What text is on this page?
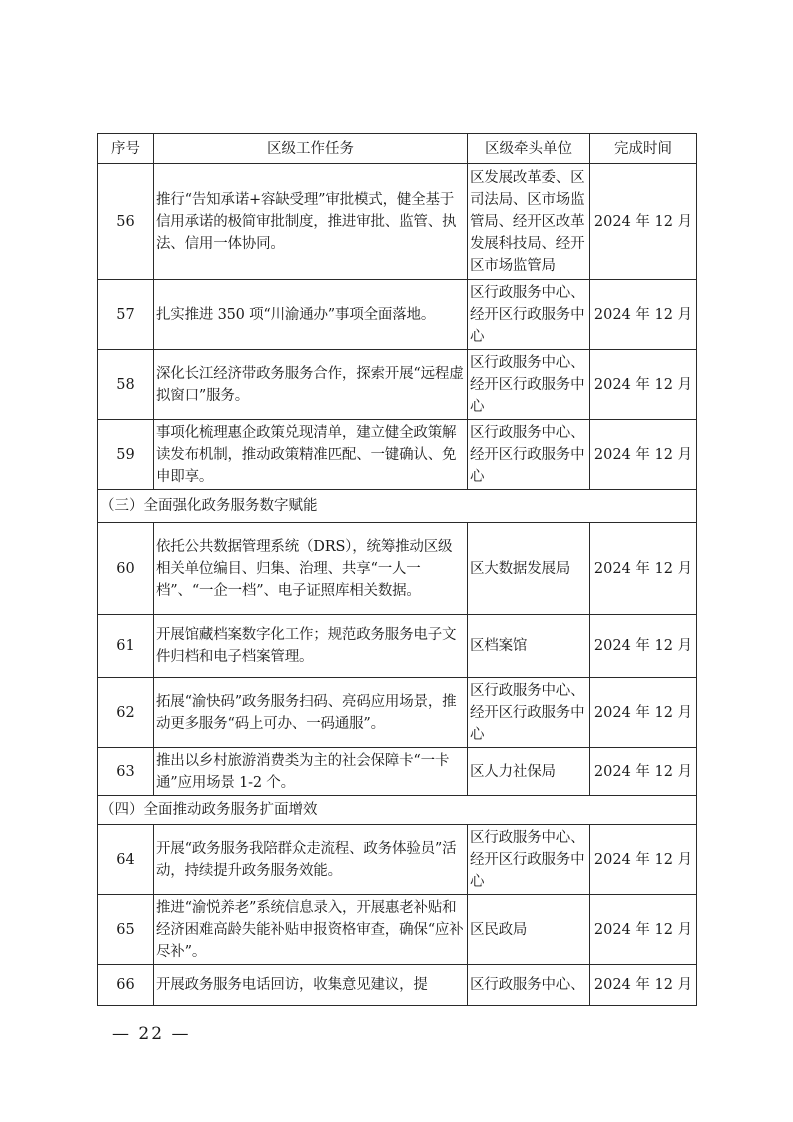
序号	区级工作任务	区级牵头单位	完成时间
56	推行“告知承诺+容缺受理”审批模式，健全基于信用承诺的极简审批制度，推进审批、监管、执法、信用一体协同。	区发展改革委、区司法局、区市场监管局、经开区改革发展科技局、经开区市场监管局	2024 年 12 月
57	扎实推进 350 项“川渝通办”事项全面落地。	区行政服务中心、经开区行政服务中心	2024 年 12 月
58	深化长江经济带政务服务合作，探索开展“远程虚拟窗口”服务。	区行政服务中心、经开区行政服务中心	2024 年 12 月
59	事项化梳理惠企政策兑现清单，建立健全政策解读发布机制，推动政策精准匹配、一键确认、免申即享。	区行政服务中心、经开区行政服务中心	2024 年 12 月
（三）全面强化政务服务数字赋能			
60	依托公共数据管理系统（DRS），统筹推动区级相关单位编目、归集、治理、共享“一人一档”、“一企一档”、电子证照库相关数据。	区大数据发展局	2024 年 12 月
61	开展馆藏档案数字化工作；规范政务服务电子文件归档和电子档案管理。	区档案馆	2024 年 12 月
62	拓展“渝快码”政务服务扫码、亮码应用场景，推动更多服务“码上可办、一码通服”。	区行政服务中心、经开区行政服务中心	2024 年 12 月
63	推出以乡村旅游消费类为主的社会保障卡“一卡通”应用场景 1-2 个。	区人力社保局	2024 年 12 月
（四）全面推动政务服务扩面增效			
64	开展“政务服务我陪群众走流程、政务体验员”活动，持续提升政务服务效能。	区行政服务中心、经开区行政服务中心	2024 年 12 月
65	推进“渝悦养老”系统信息录入，开展惠老补贴和经济困难高龄失能补贴申报资格审查，确保“应补尽补”。	区民政局	2024 年 12 月
66	开展政务服务电话回访，收集意见建议，提	区行政服务中心、	2024 年 12 月
— 22 —
